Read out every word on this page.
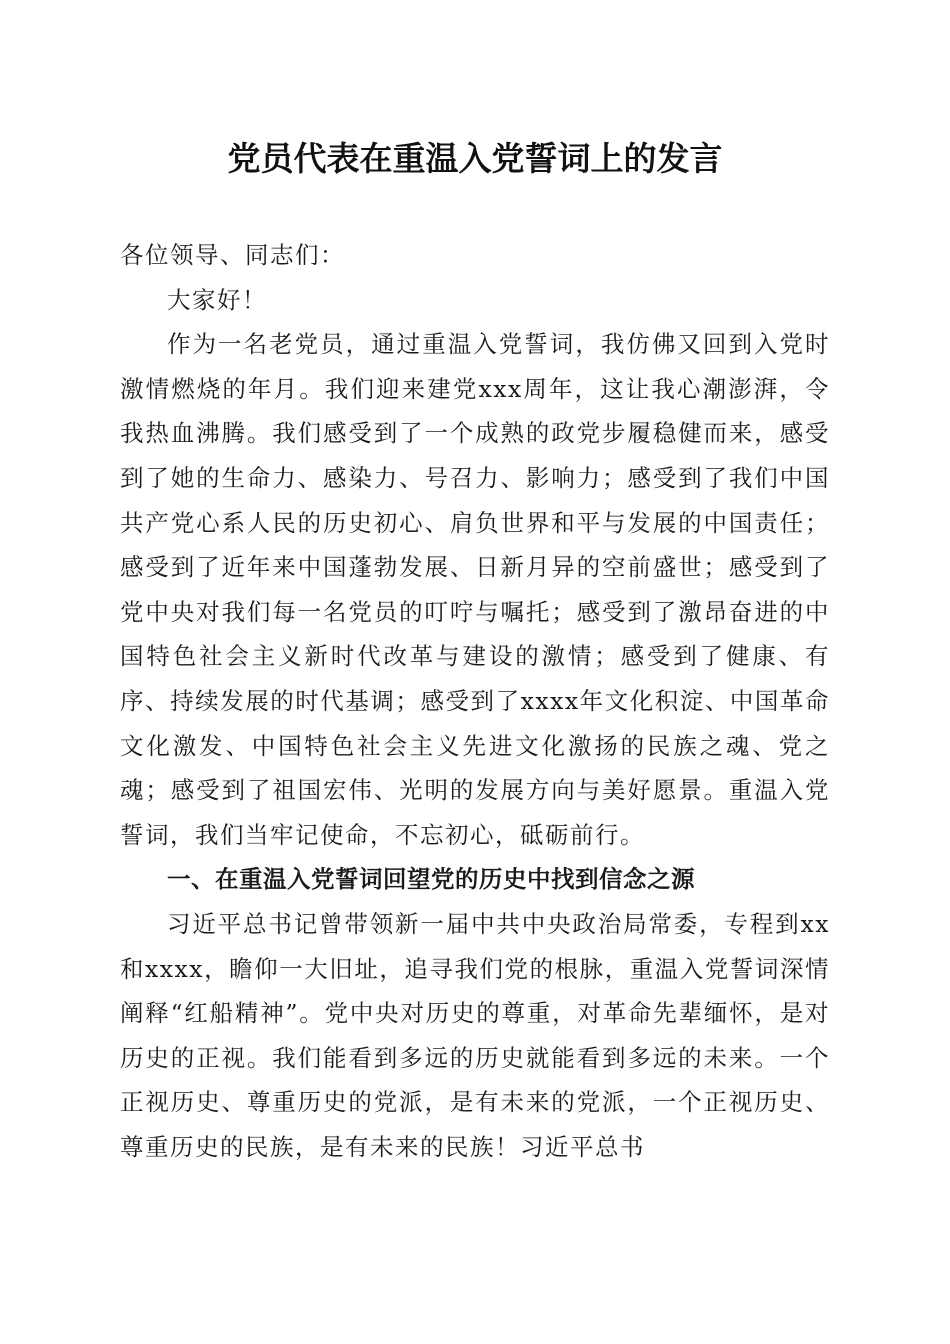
党员代表在重温入党誓词上的发言

各位领导、同志们：

大家好！

作为一名老党员，通过重温入党誓词，我仿佛又回到入党时激情燃烧的年月。我们迎来建党xxx周年，这让我心潮澎湃，令我热血沸腾。我们感受到了一个成熟的政党步履稳健而来，感受到了她的生命力、感染力、号召力、影响力；感受到了我们中国共产党心系人民的历史初心、肩负世界和平与发展的中国责任；感受到了近年来中国蓬勃发展、日新月异的空前盛世；感受到了党中央对我们每一名党员的叮咛与嘱托；感受到了激昂奋进的中国特色社会主义新时代改革与建设的激情；感受到了健康、有序、持续发展的时代基调；感受到了xxxx年文化积淀、中国革命文化激发、中国特色社会主义先进文化激扬的民族之魂、党之魂；感受到了祖国宏伟、光明的发展方向与美好愿景。重温入党誓词，我们当牢记使命，不忘初心，砥砺前行。

一、在重温入党誓词回望党的历史中找到信念之源

习近平总书记曾带领新一届中共中央政治局常委，专程到xx和xxxx，瞻仰一大旧址，追寻我们党的根脉，重温入党誓词深情阐释“红船精神”。党中央对历史的尊重，对革命先辈缅怀，是对历史的正视。我们能看到多远的历史就能看到多远的未来。一个正视历史、尊重历史的党派，是有未来的党派，一个正视历史、尊重历史的民族，是有未来的民族！习近平总书
